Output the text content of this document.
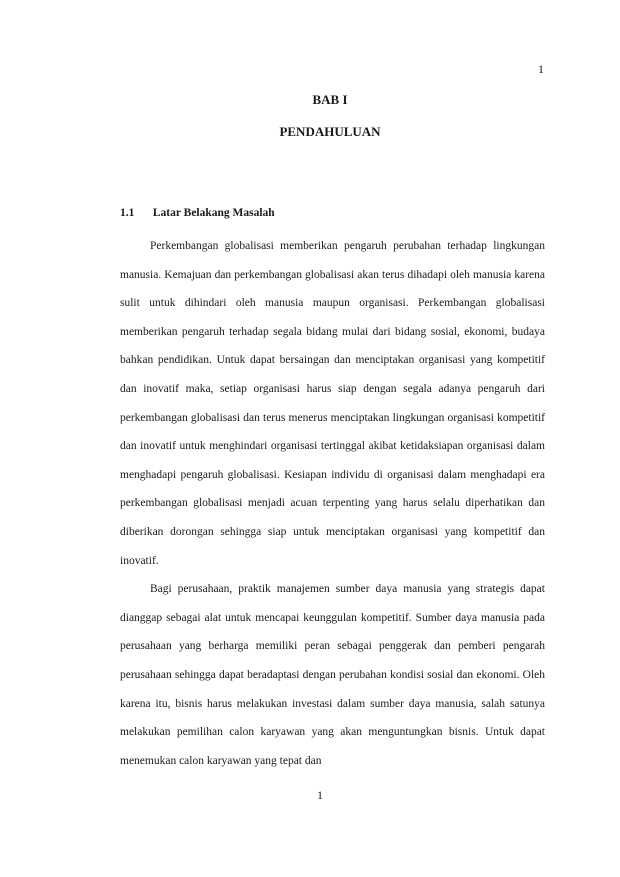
1
BAB I
PENDAHULUAN
1.1 Latar Belakang Masalah

Perkembangan globalisasi memberikan pengaruh perubahan terhadap lingkungan manusia. Kemajuan dan perkembangan globalisasi akan terus dihadapi oleh manusia karena sulit untuk dihindari oleh manusia maupun organisasi. Perkembangan globalisasi memberikan pengaruh terhadap segala bidang mulai dari bidang sosial, ekonomi, budaya bahkan pendidikan. Untuk dapat bersaingan dan menciptakan organisasi yang kompetitif dan inovatif maka, setiap organisasi harus siap dengan segala adanya pengaruh dari perkembangan globalisasi dan terus menerus menciptakan lingkungan organisasi kompetitif dan inovatif untuk menghindari organisasi tertinggal akibat ketidaksiapan organisasi dalam menghadapi pengaruh globalisasi. Kesiapan individu di organisasi dalam menghadapi era perkembangan globalisasi menjadi acuan terpenting yang harus selalu diperhatikan dan diberikan dorongan sehingga siap untuk menciptakan organisasi yang kompetitif dan inovatif.

Bagi perusahaan, praktik manajemen sumber daya manusia yang strategis dapat dianggap sebagai alat untuk mencapai keunggulan kompetitif. Sumber daya manusia pada perusahaan yang berharga memiliki peran sebagai penggerak dan pemberi pengarah perusahaan sehingga dapat beradaptasi dengan perubahan kondisi sosial dan ekonomi. Oleh karena itu, bisnis harus melakukan investasi dalam sumber daya manusia, salah satunya melakukan pemilihan calon karyawan yang akan menguntungkan bisnis. Untuk dapat menemukan calon karyawan yang tepat dan

1
